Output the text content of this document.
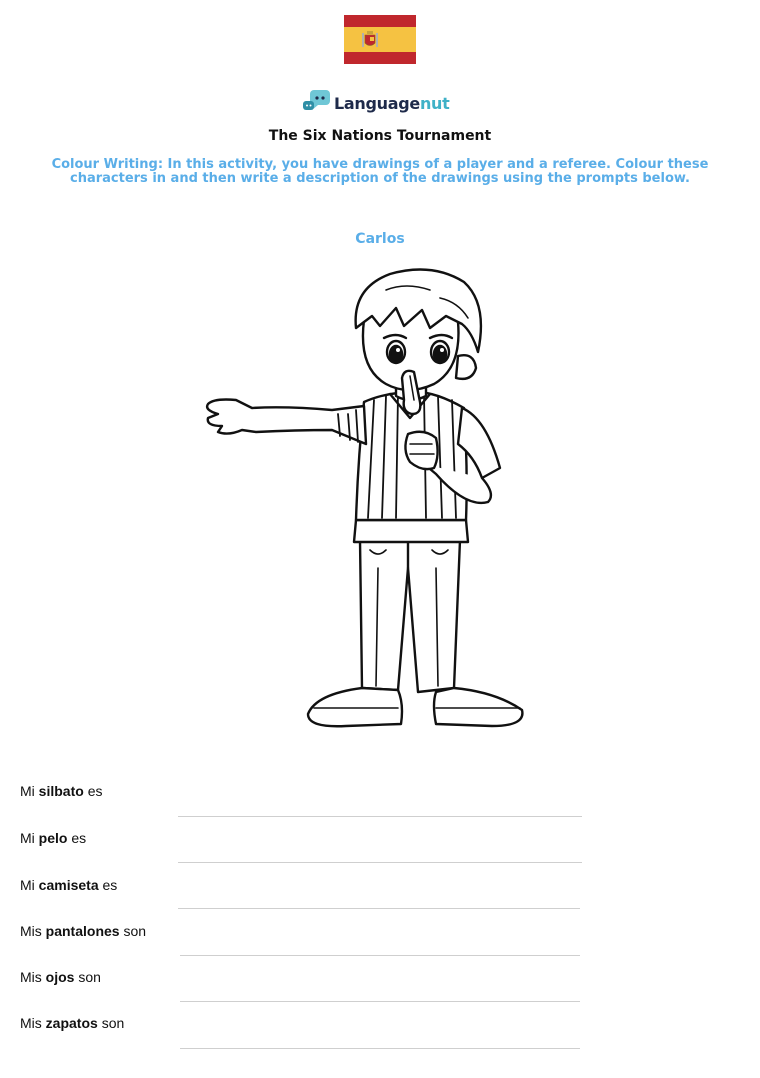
Languagenut
The Six Nations Tournament
Colour Writing: In this activity, you have drawings of a player and a referee. Colour these characters in and then write a description of the drawings using the prompts below.
Carlos
Mi silbato es
Mi pelo es
Mi camiseta es
Mis pantalones son
Mis ojos son
Mis zapatos son
